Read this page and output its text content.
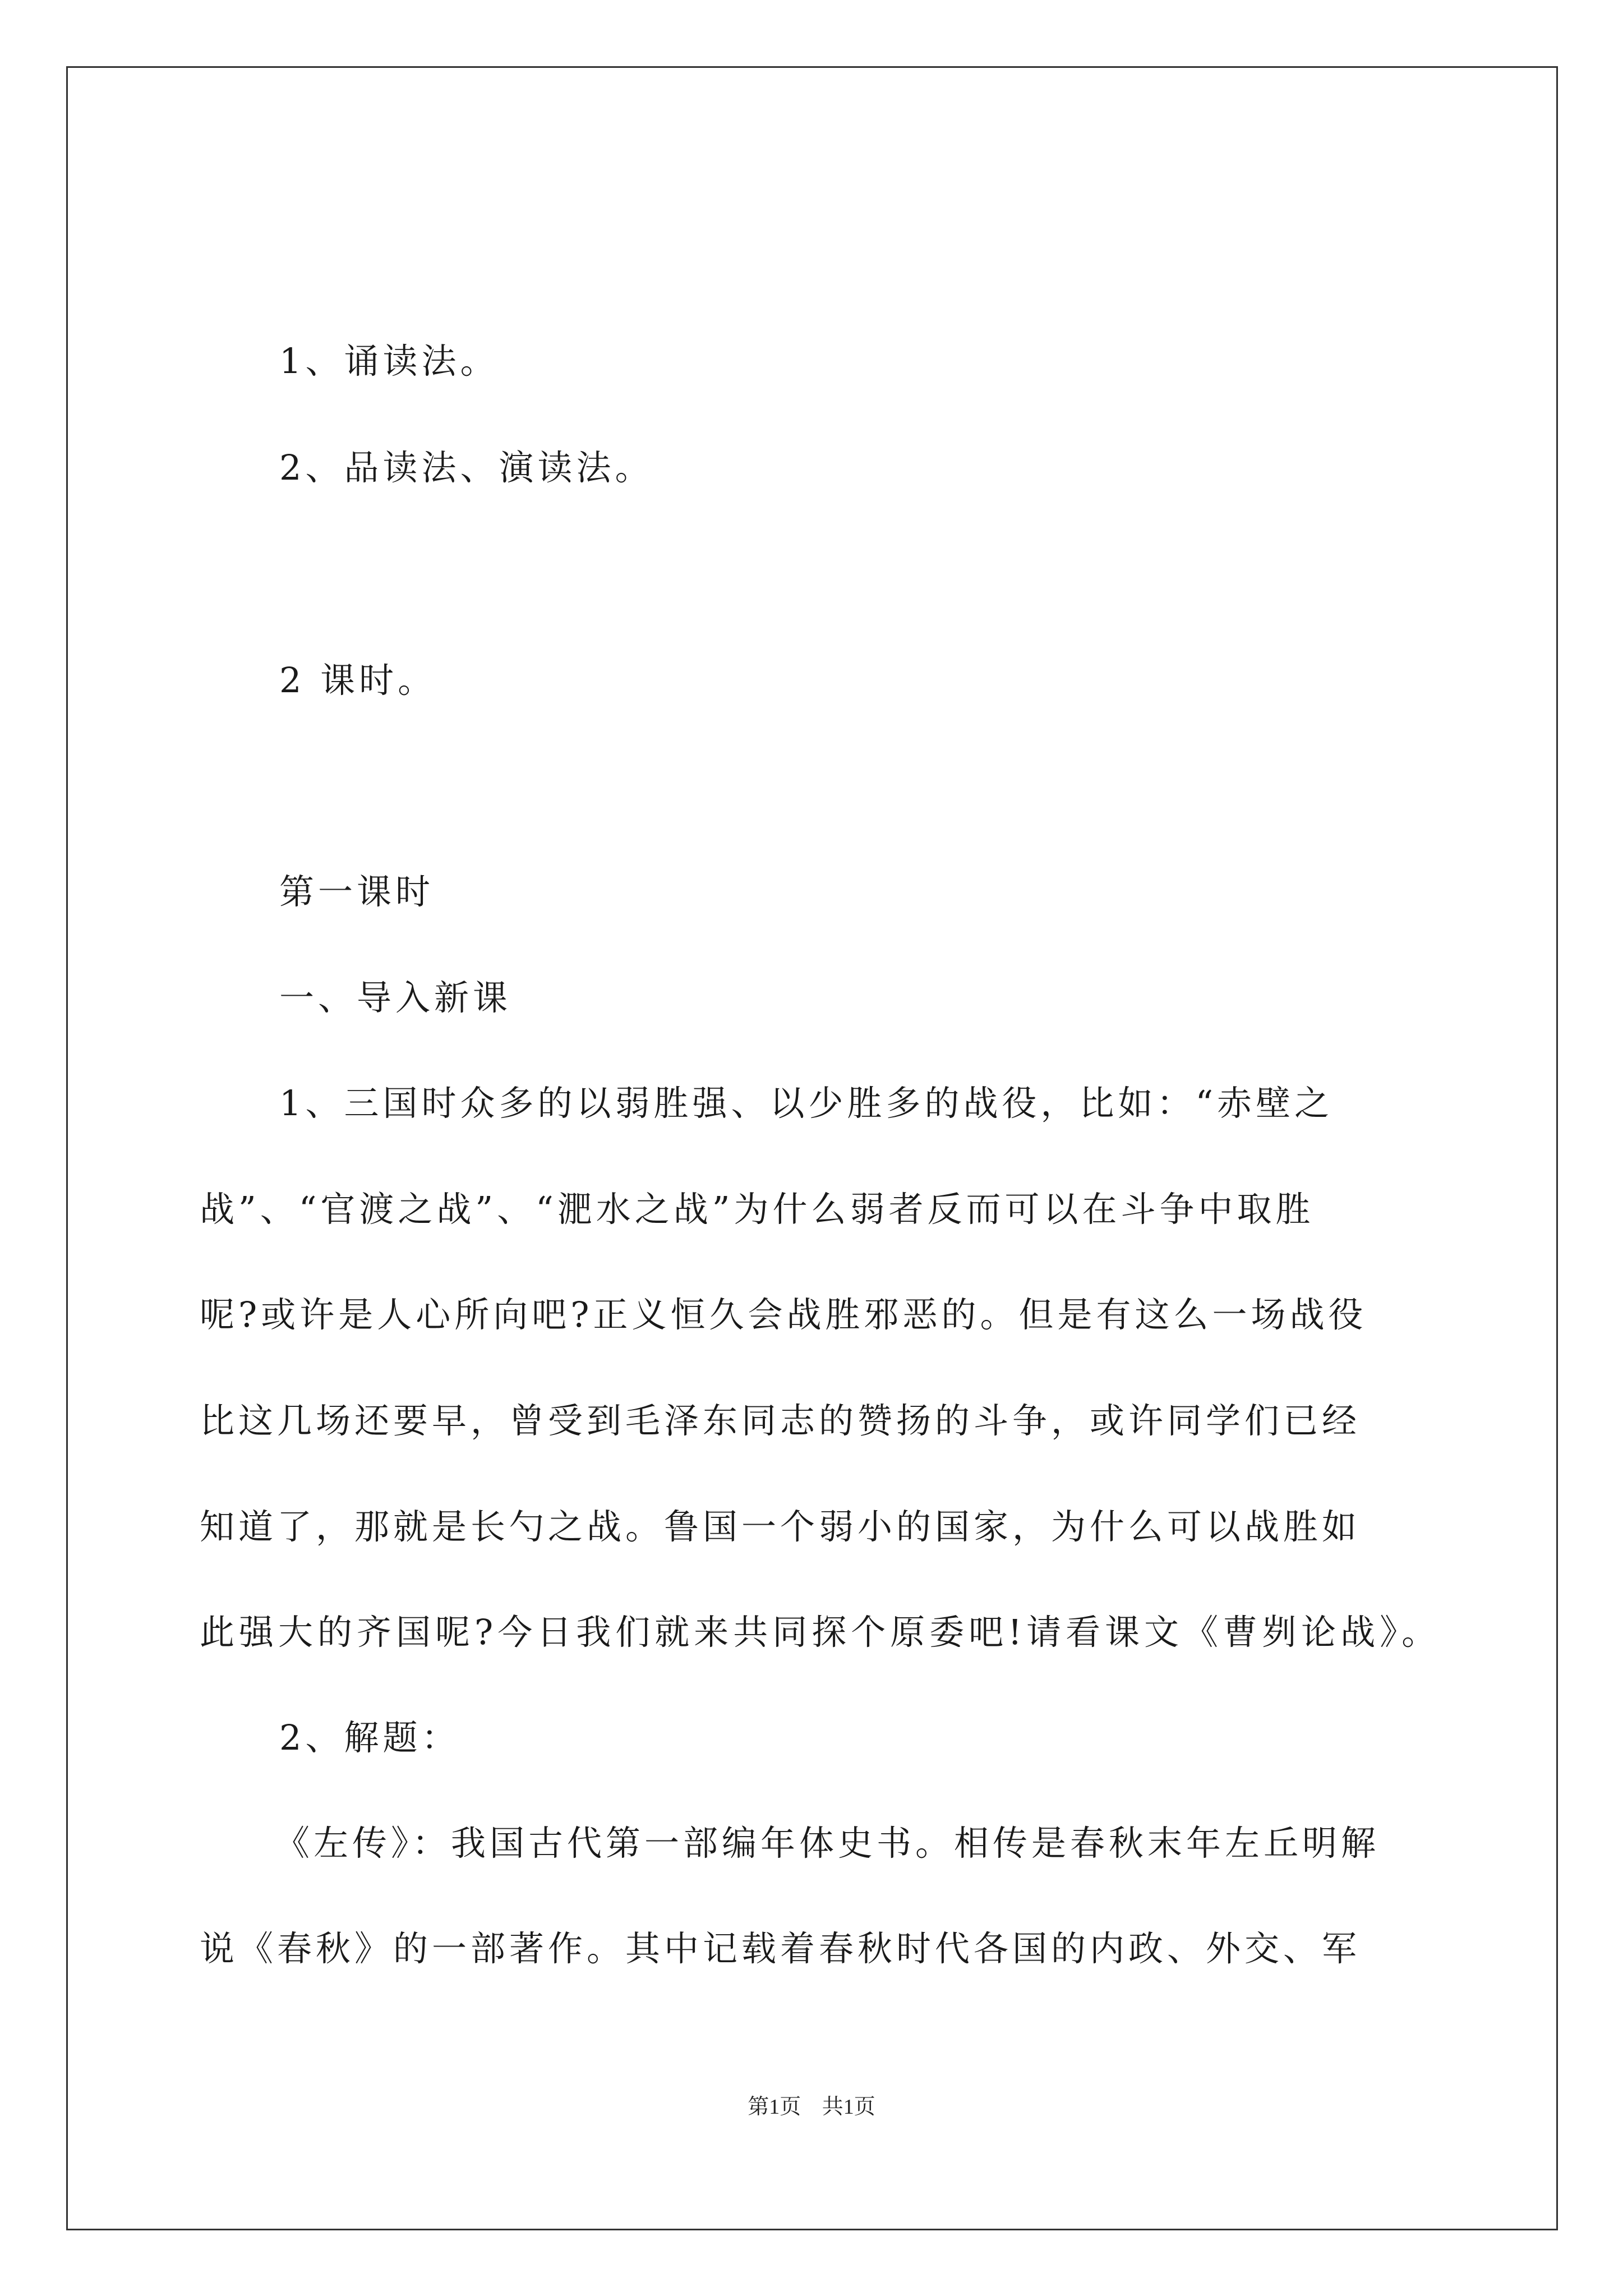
1、诵读法。
2、品读法、演读法。
2 课时。
第一课时
一、导入新课
1、三国时众多的以弱胜强、以少胜多的战役，比如：“赤壁之
战”、“官渡之战”、“淝水之战”为什么弱者反而可以在斗争中取胜
呢?或许是人心所向吧?正义恒久会战胜邪恶的。但是有这么一场战役
比这几场还要早，曾受到毛泽东同志的赞扬的斗争，或许同学们已经
知道了，那就是长勺之战。鲁国一个弱小的国家，为什么可以战胜如
此强大的齐国呢?今日我们就来共同探个原委吧!请看课文《曹刿论战》。
2、解题：
《左传》：我国古代第一部编年体史书。相传是春秋末年左丘明解
说《春秋》的一部著作。其中记载着春秋时代各国的内政、外交、军
第1页 共1页
